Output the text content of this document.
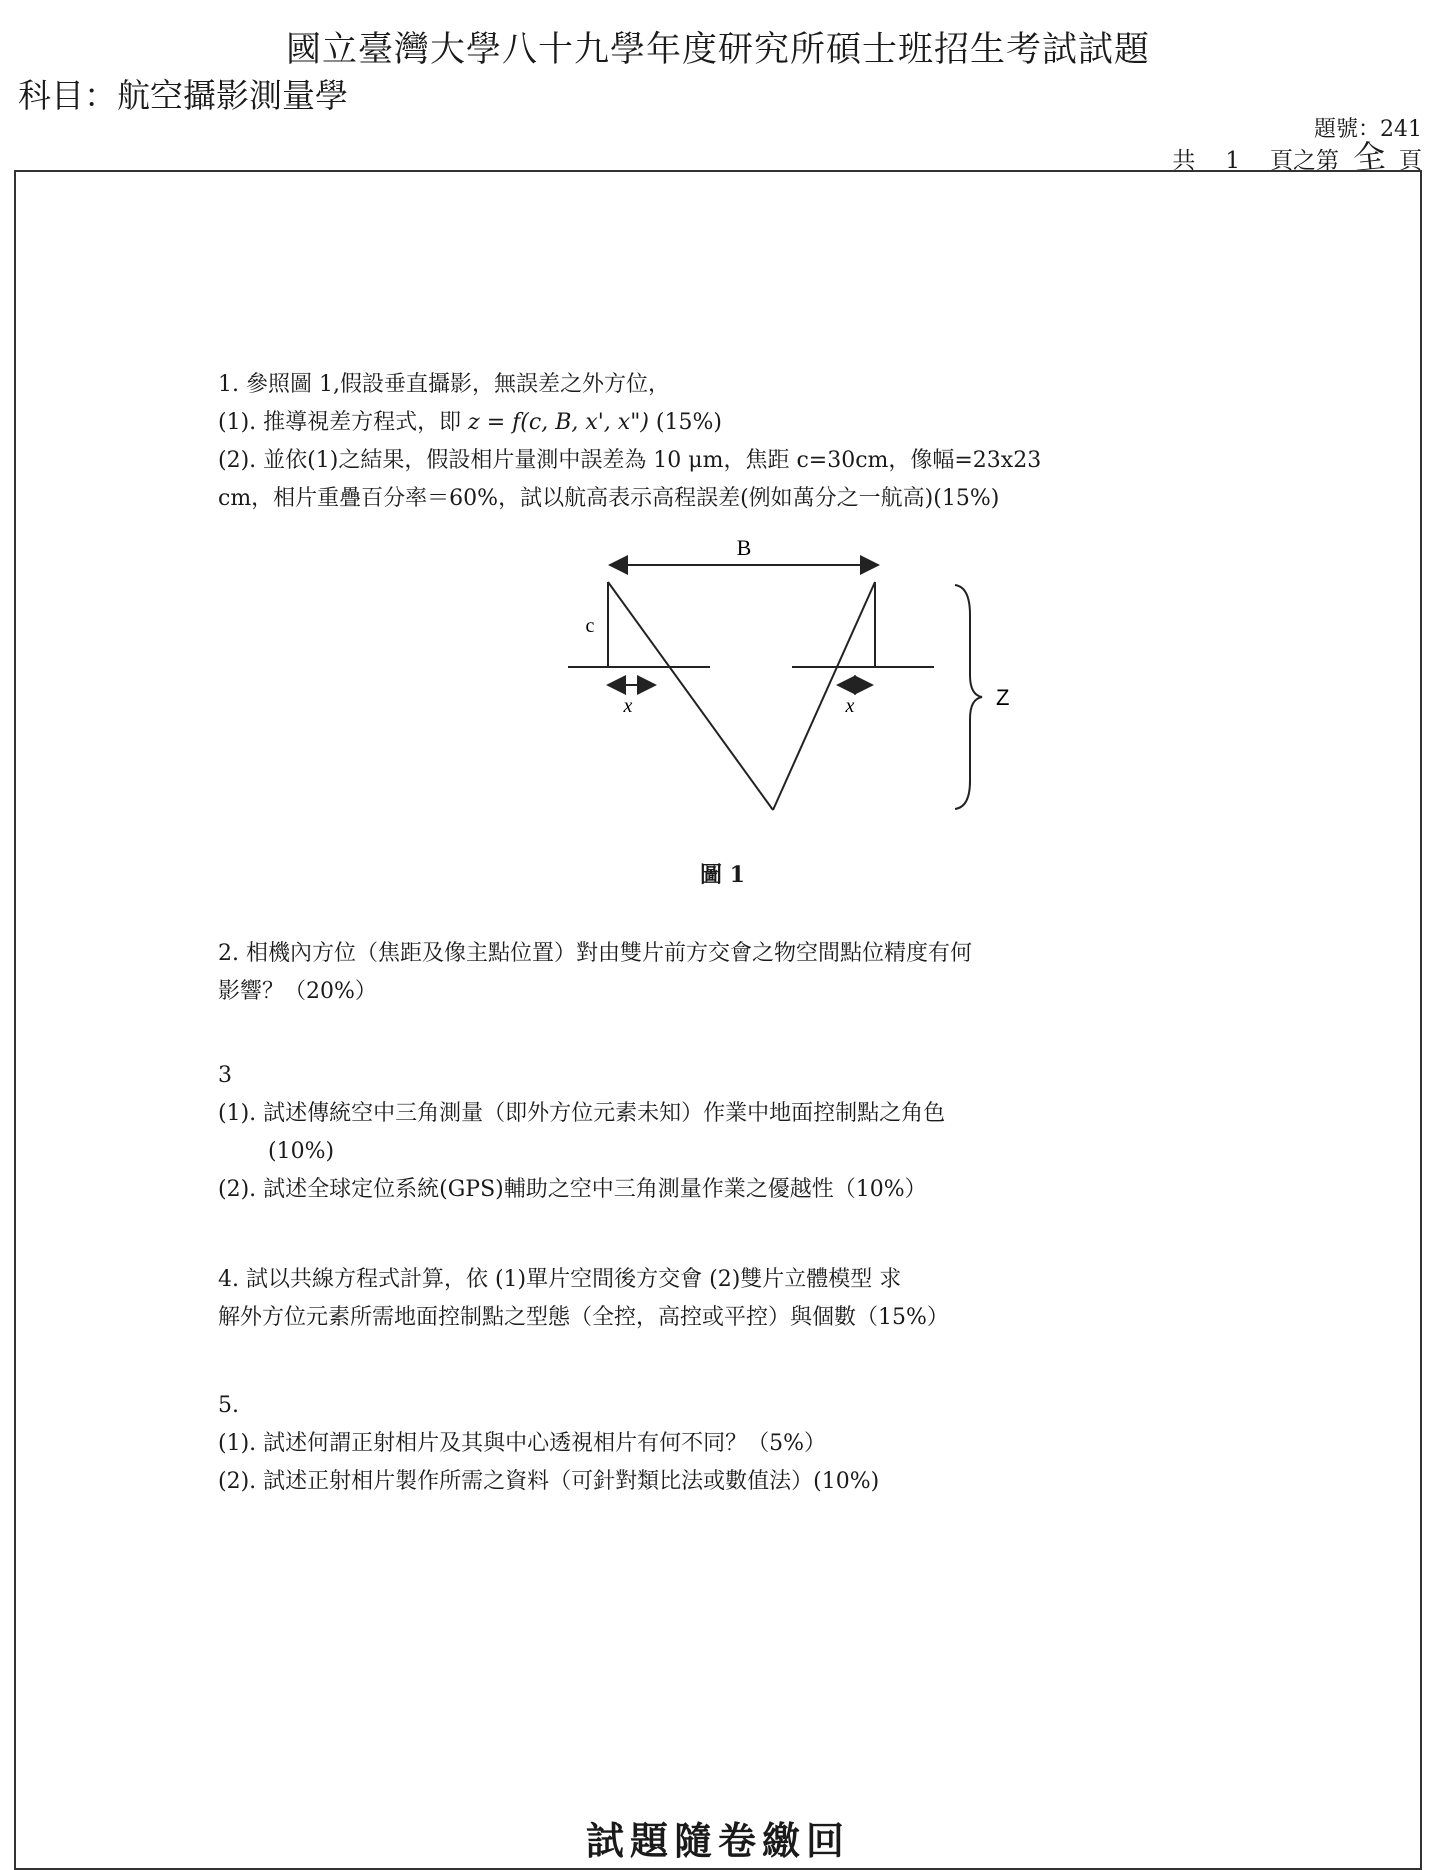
國立臺灣大學八十九學年度研究所碩士班招生考試試題
科目：航空攝影測量學
題號：241
共 1 頁之第 全 頁
1. 參照圖 1,假設垂直攝影，無誤差之外方位，
(1). 推導視差方程式，即 z = f(c, B, x', x") (15%)
(2). 並依(1)之結果，假設相片量測中誤差為 10 μm，焦距 c=30cm，像幅=23x23
cm，相片重疊百分率＝60%，試以航高表示高程誤差(例如萬分之一航高)(15%)
B
c
x	x	Z
圖 1
2. 相機內方位（焦距及像主點位置）對由雙片前方交會之物空間點位精度有何
影響？（20%）
3
(1). 試述傳統空中三角測量（即外方位元素未知）作業中地面控制點之角色
(10%)
(2). 試述全球定位系統(GPS)輔助之空中三角測量作業之優越性（10%）
4. 試以共線方程式計算，依 (1)單片空間後方交會 (2)雙片立體模型 求
解外方位元素所需地面控制點之型態（全控，高控或平控）與個數（15%）
5.
(1). 試述何謂正射相片及其與中心透視相片有何不同？（5%）
(2). 試述正射相片製作所需之資料（可針對類比法或數值法）(10%)
試題隨卷繳回
